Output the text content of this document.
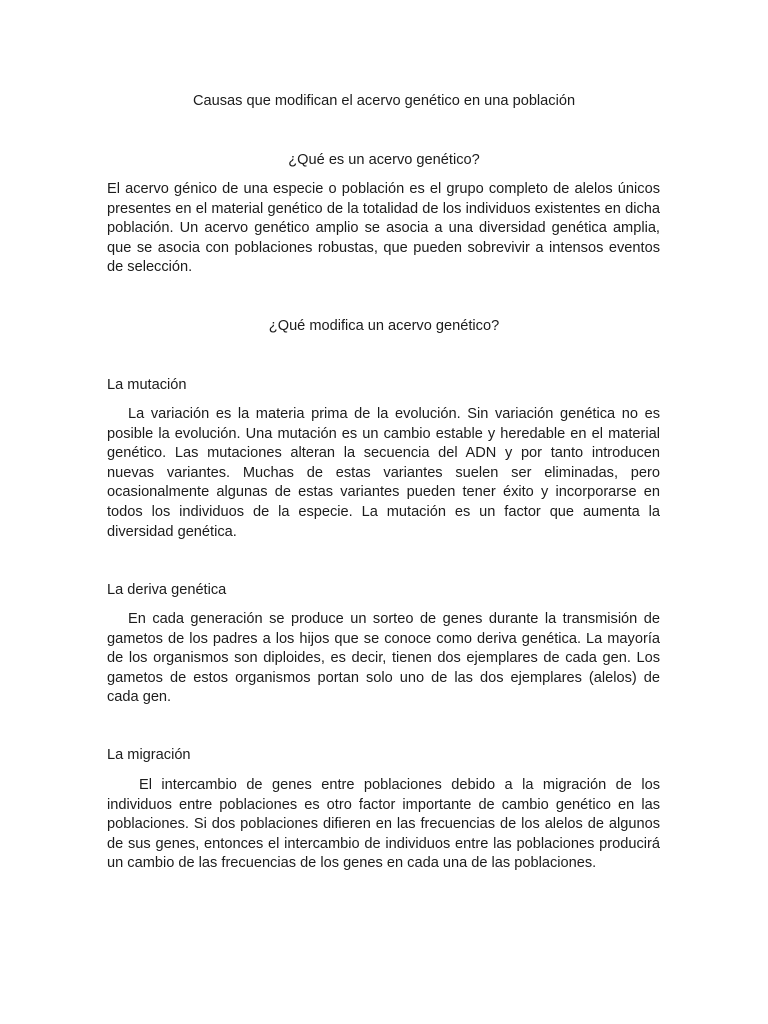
Causas que modifican el acervo genético en una población
¿Qué es un acervo genético?
El acervo génico de una especie o población es el grupo completo de alelos únicos presentes en el material genético de la totalidad de los individuos existentes en dicha población. Un acervo genético amplio se asocia a una diversidad genética amplia, que se asocia con poblaciones robustas, que pueden sobrevivir a intensos eventos de selección.
¿Qué modifica un acervo genético?
La mutación
La variación es la materia prima de la evolución. Sin variación genética no es posible la evolución. Una mutación es un cambio estable y heredable en el material genético. Las mutaciones alteran la secuencia del ADN y por tanto introducen nuevas variantes. Muchas de estas variantes suelen ser eliminadas, pero ocasionalmente algunas de estas variantes pueden tener éxito y incorporarse en todos los individuos de la especie. La mutación es un factor que aumenta la diversidad genética.
La deriva genética
En cada generación se produce un sorteo de genes durante la transmisión de gametos de los padres a los hijos que se conoce como deriva genética. La mayoría de los organismos son diploides, es decir, tienen dos ejemplares de cada gen. Los gametos de estos organismos portan solo uno de las dos ejemplares (alelos) de cada gen.
La migración
El intercambio de genes entre poblaciones debido a la migración de los individuos entre poblaciones es otro factor importante de cambio genético en las poblaciones. Si dos poblaciones difieren en las frecuencias de los alelos de algunos de sus genes, entonces el intercambio de individuos entre las poblaciones producirá un cambio de las frecuencias de los genes en cada una de las poblaciones.
